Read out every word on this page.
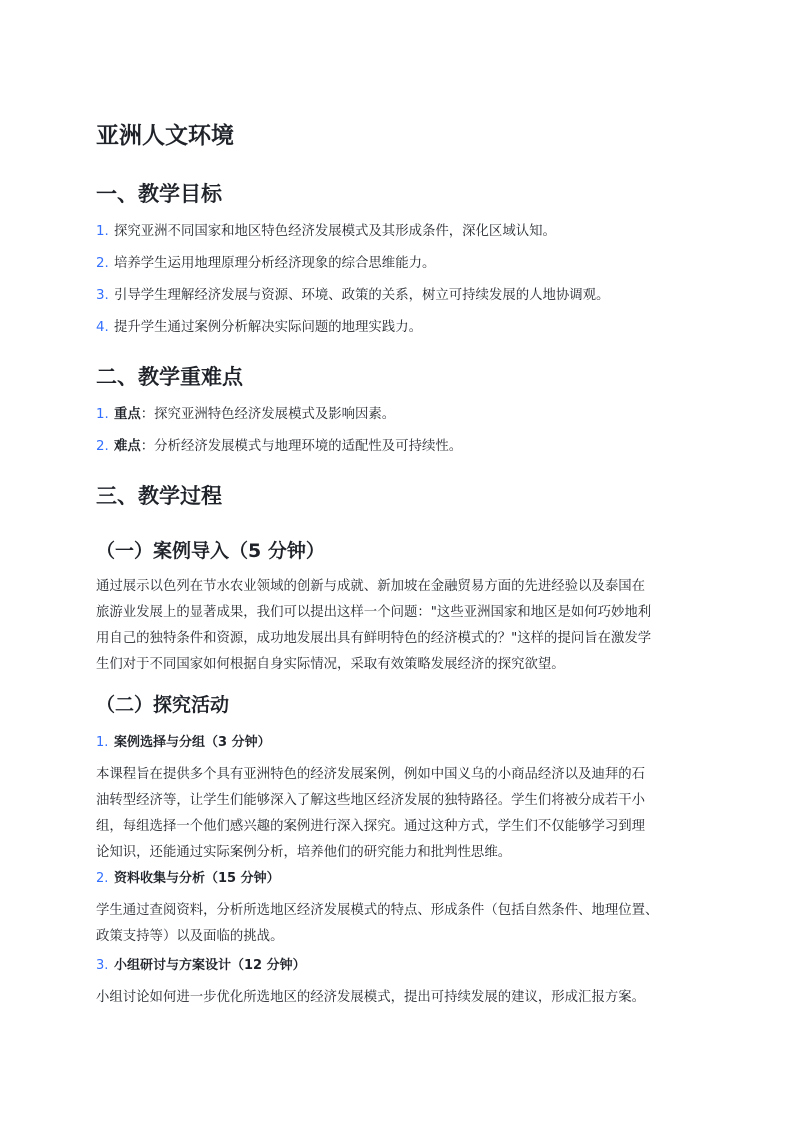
亚洲人文环境
一、教学目标
1. 探究亚洲不同国家和地区特色经济发展模式及其形成条件，深化区域认知。
2. 培养学生运用地理原理分析经济现象的综合思维能力。
3. 引导学生理解经济发展与资源、环境、政策的关系，树立可持续发展的人地协调观。
4. 提升学生通过案例分析解决实际问题的地理实践力。
二、教学重难点
1. 重点：探究亚洲特色经济发展模式及影响因素。
2. 难点：分析经济发展模式与地理环境的适配性及可持续性。
三、教学过程
（一）案例导入（5 分钟）
通过展示以色列在节水农业领域的创新与成就、新加坡在金融贸易方面的先进经验以及泰国在
旅游业发展上的显著成果，我们可以提出这样一个问题："这些亚洲国家和地区是如何巧妙地利
用自己的独特条件和资源，成功地发展出具有鲜明特色的经济模式的？"这样的提问旨在激发学
生们对于不同国家如何根据自身实际情况，采取有效策略发展经济的探究欲望。
（二）探究活动
1. 案例选择与分组（3 分钟）
本课程旨在提供多个具有亚洲特色的经济发展案例，例如中国义乌的小商品经济以及迪拜的石
油转型经济等，让学生们能够深入了解这些地区经济发展的独特路径。学生们将被分成若干小
组，每组选择一个他们感兴趣的案例进行深入探究。通过这种方式，学生们不仅能够学习到理
论知识，还能通过实际案例分析，培养他们的研究能力和批判性思维。
2. 资料收集与分析（15 分钟）
学生通过查阅资料，分析所选地区经济发展模式的特点、形成条件（包括自然条件、地理位置、
政策支持等）以及面临的挑战。
3. 小组研讨与方案设计（12 分钟）
小组讨论如何进一步优化所选地区的经济发展模式，提出可持续发展的建议，形成汇报方案。
